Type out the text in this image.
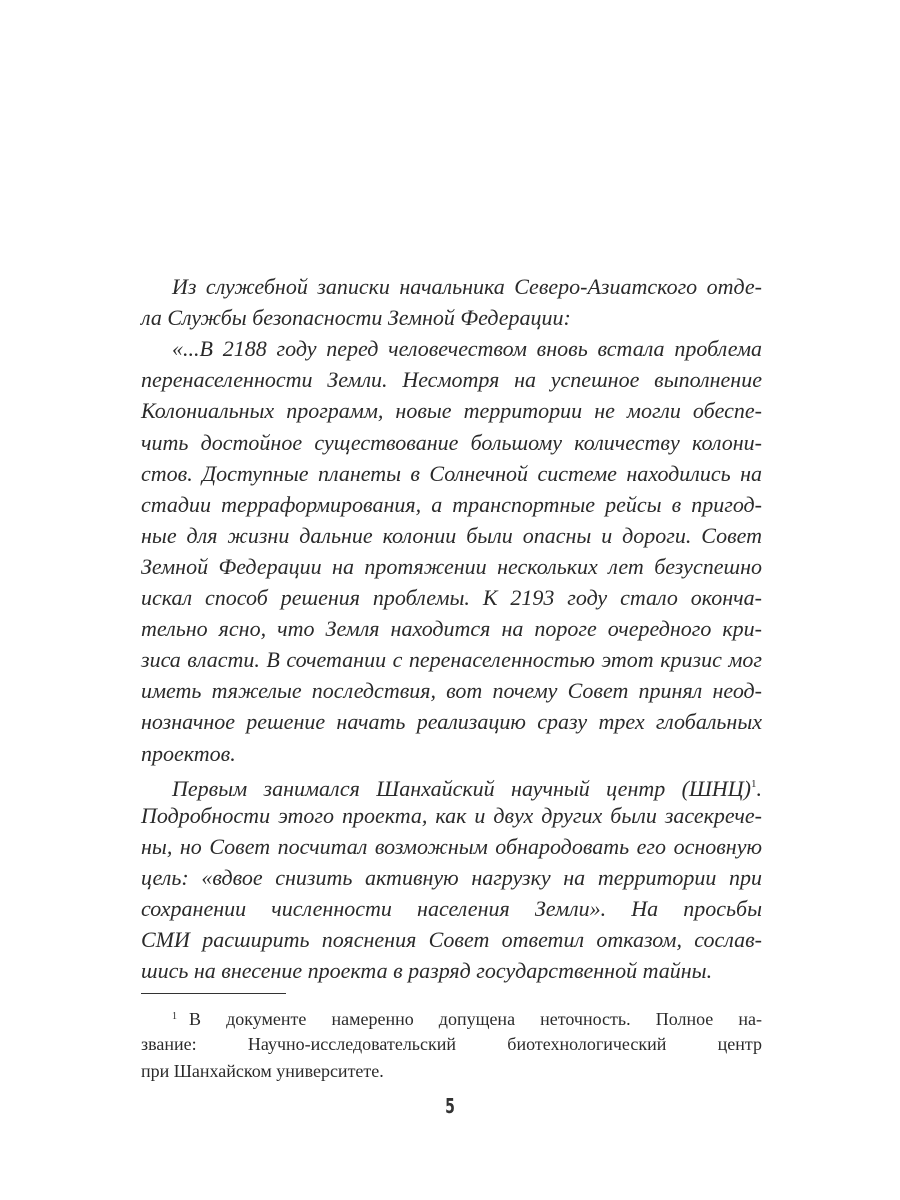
Из служебной записки начальника Северо-Азиатского отде-
ла Службы безопасности Земной Федерации:
«...В 2188 году перед человечеством вновь встала проблема
перенаселенности Земли. Несмотря на успешное выполнение
Колониальных программ, новые территории не могли обеспе-
чить достойное существование большому количеству колони-
стов. Доступные планеты в Солнечной системе находились на
стадии терраформирования, а транспортные рейсы в пригод-
ные для жизни дальние колонии были опасны и дороги. Совет
Земной Федерации на протяжении нескольких лет безуспешно
искал способ решения проблемы. К 2193 году стало оконча-
тельно ясно, что Земля находится на пороге очередного кри-
зиса власти. В сочетании с перенаселенностью этот кризис мог
иметь тяжелые последствия, вот почему Совет принял неод-
нозначное решение начать реализацию сразу трех глобальных
проектов.
Первым занимался Шанхайский научный центр (ШНЦ)$^1$.
Подробности этого проекта, как и двух других были засекрече-
ны, но Совет посчитал возможным обнародовать его основную
цель: «вдвое снизить активную нагрузку на территории при
сохранении численности населения Земли». На просьбы
СМИ расширить пояснения Совет ответил отказом, сослав-
шись на внесение проекта в разряд государственной тайны.
$^1$ В документе намеренно допущена неточность. Полное на-
звание: Научно-исследовательский биотехнологический центр
при Шанхайском университете.
5
